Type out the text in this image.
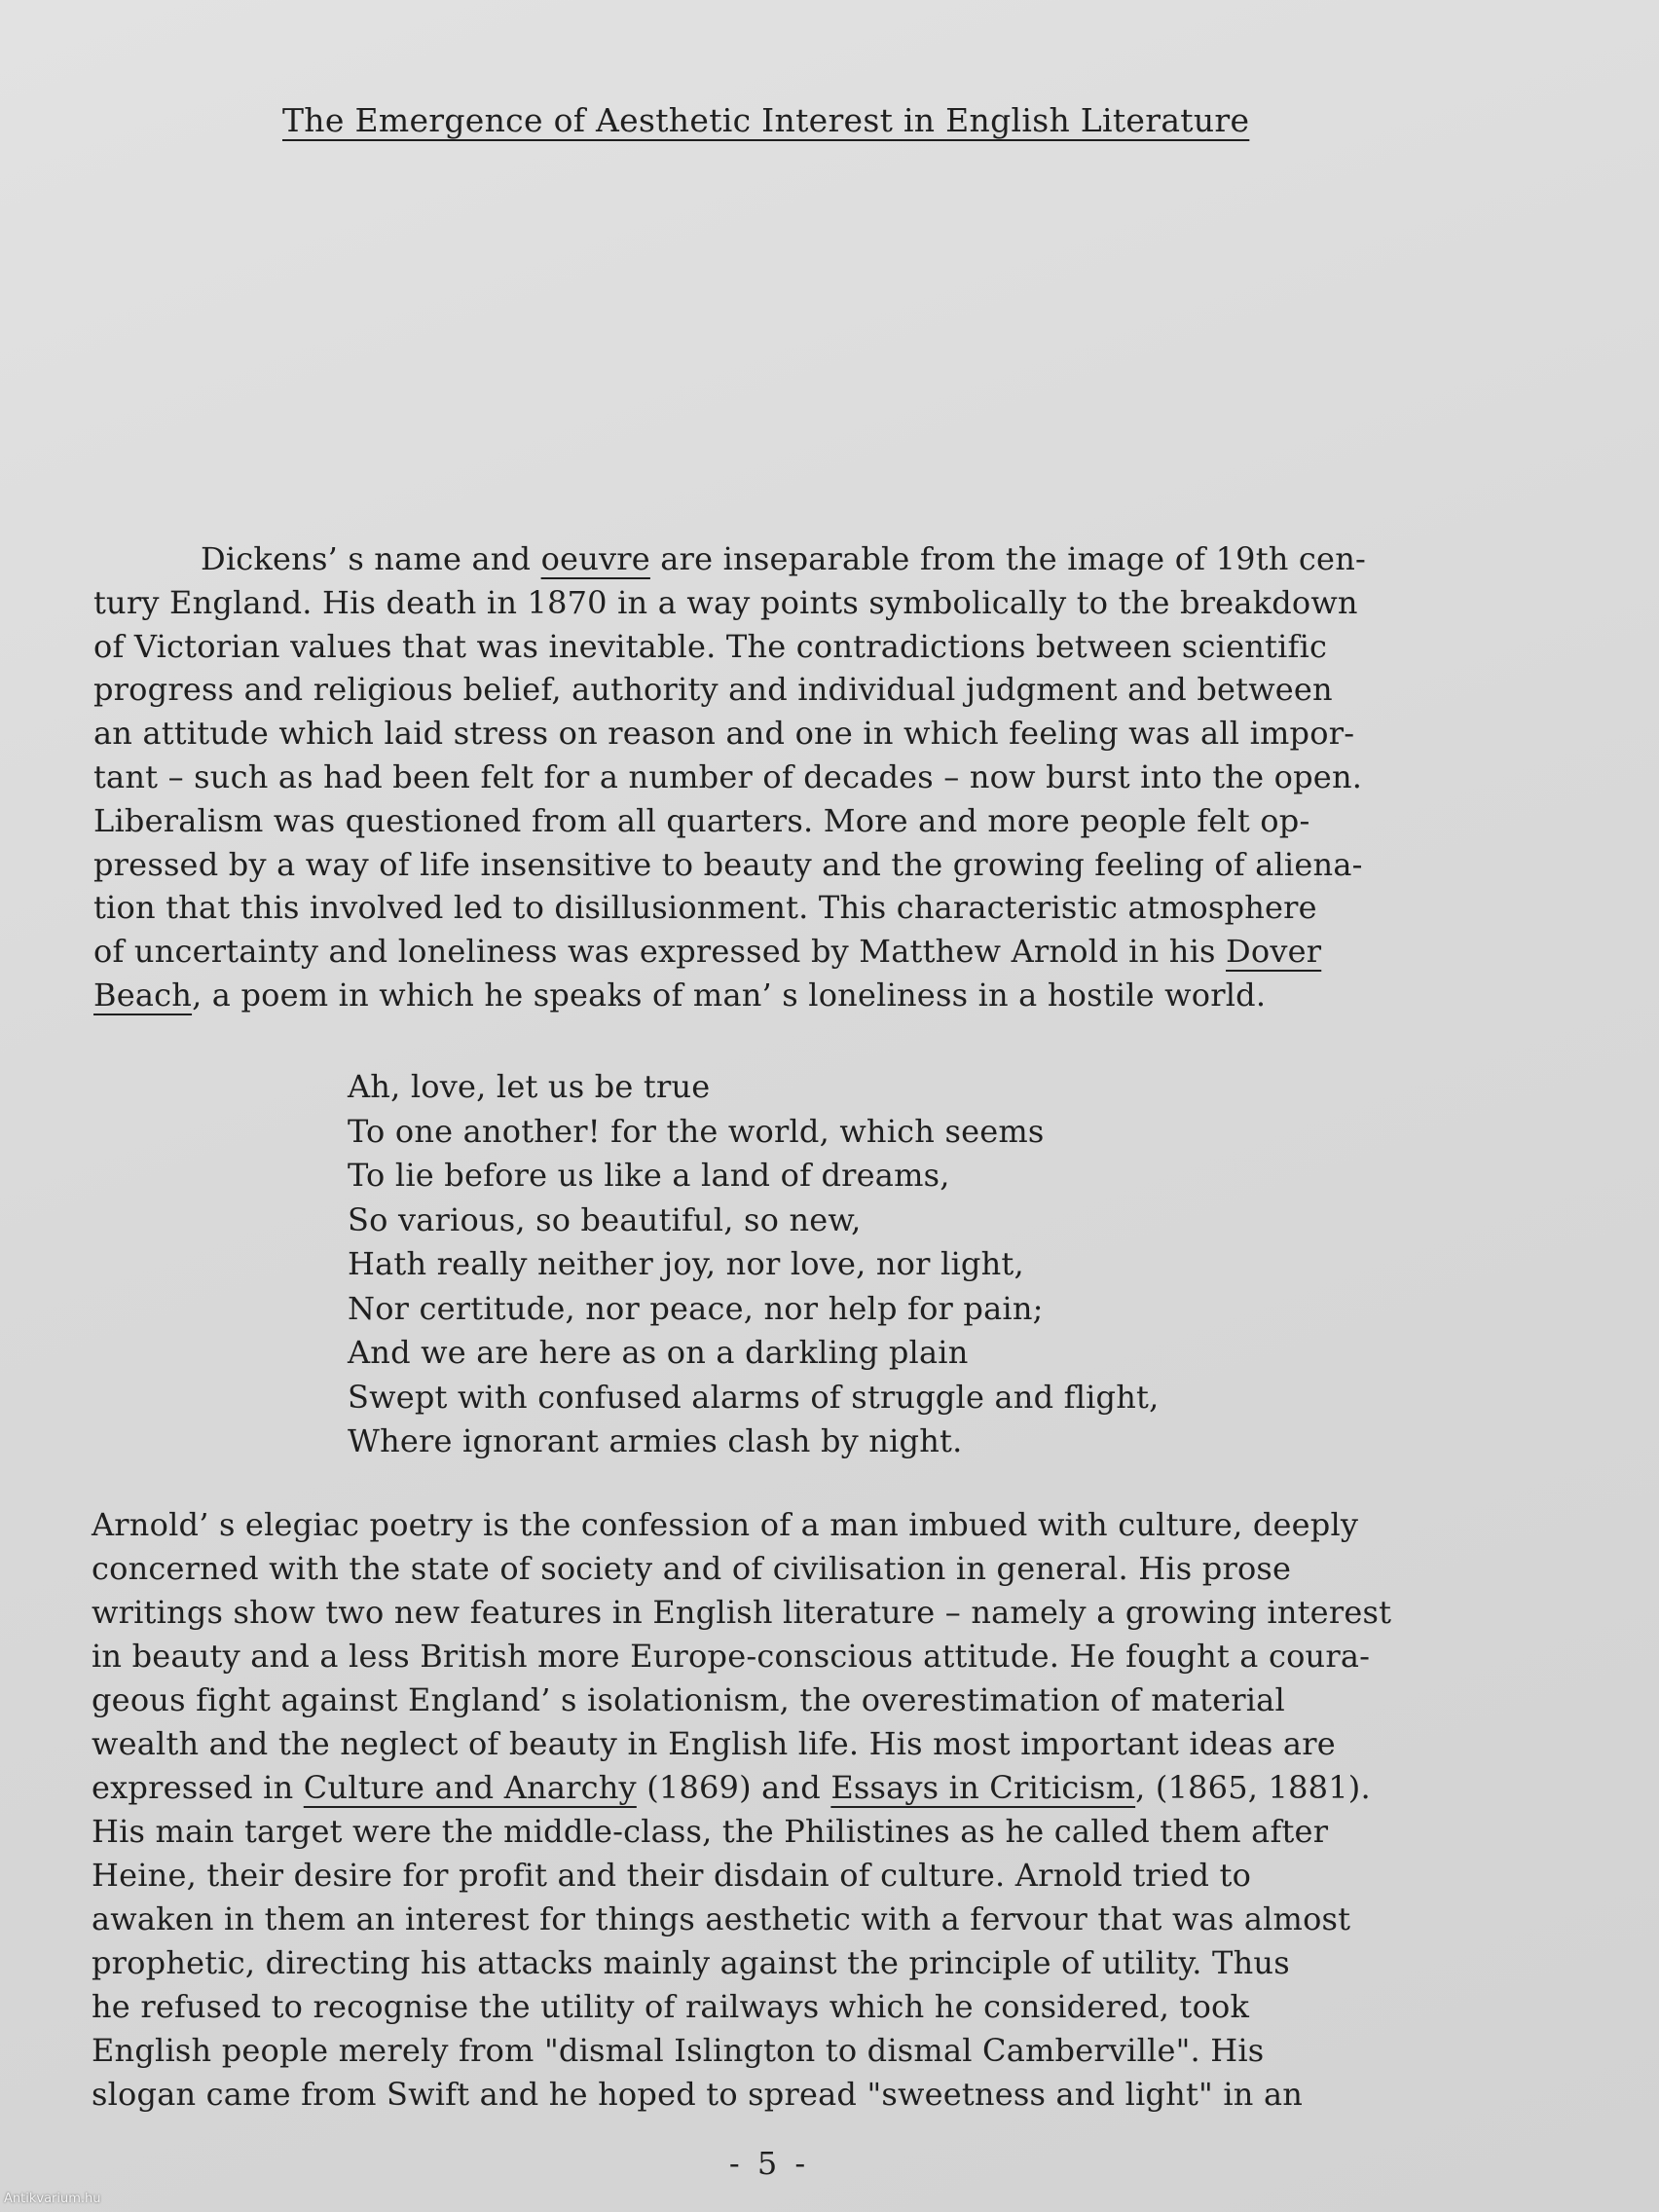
The Emergence of Aesthetic Interest in English Literature
Dickens’ s name and oeuvre are inseparable from the image of 19th cen-
tury England. His death in 1870 in a way points symbolically to the breakdown
of Victorian values that was inevitable. The contradictions between scientific
progress and religious belief, authority and individual judgment and between
an attitude which laid stress on reason and one in which feeling was all impor-
tant – such as had been felt for a number of decades – now burst into the open.
Liberalism was questioned from all quarters. More and more people felt op-
pressed by a way of life insensitive to beauty and the growing feeling of aliena-
tion that this involved led to disillusionment. This characteristic atmosphere
of uncertainty and loneliness was expressed by Matthew Arnold in his Dover
Beach, a poem in which he speaks of man’ s loneliness in a hostile world.
Ah, love, let us be true
To one another! for the world, which seems
To lie before us like a land of dreams,
So various, so beautiful, so new,
Hath really neither joy, nor love, nor light,
Nor certitude, nor peace, nor help for pain;
And we are here as on a darkling plain
Swept with confused alarms of struggle and flight,
Where ignorant armies clash by night.
Arnold’ s elegiac poetry is the confession of a man imbued with culture, deeply
concerned with the state of society and of civilisation in general. His prose
writings show two new features in English literature – namely a growing interest
in beauty and a less British more Europe-conscious attitude. He fought a coura-
geous fight against England’ s isolationism, the overestimation of material
wealth and the neglect of beauty in English life. His most important ideas are
expressed in Culture and Anarchy (1869) and Essays in Criticism, (1865, 1881).
His main target were the middle-class, the Philistines as he called them after
Heine, their desire for profit and their disdain of culture. Arnold tried to
awaken in them an interest for things aesthetic with a fervour that was almost
prophetic, directing his attacks mainly against the principle of utility. Thus
he refused to recognise the utility of railways which he considered, took
English people merely from "dismal Islington to dismal Camberville". His
slogan came from Swift and he hoped to spread "sweetness and light" in an
- 5 -
Antikvarium.hu
